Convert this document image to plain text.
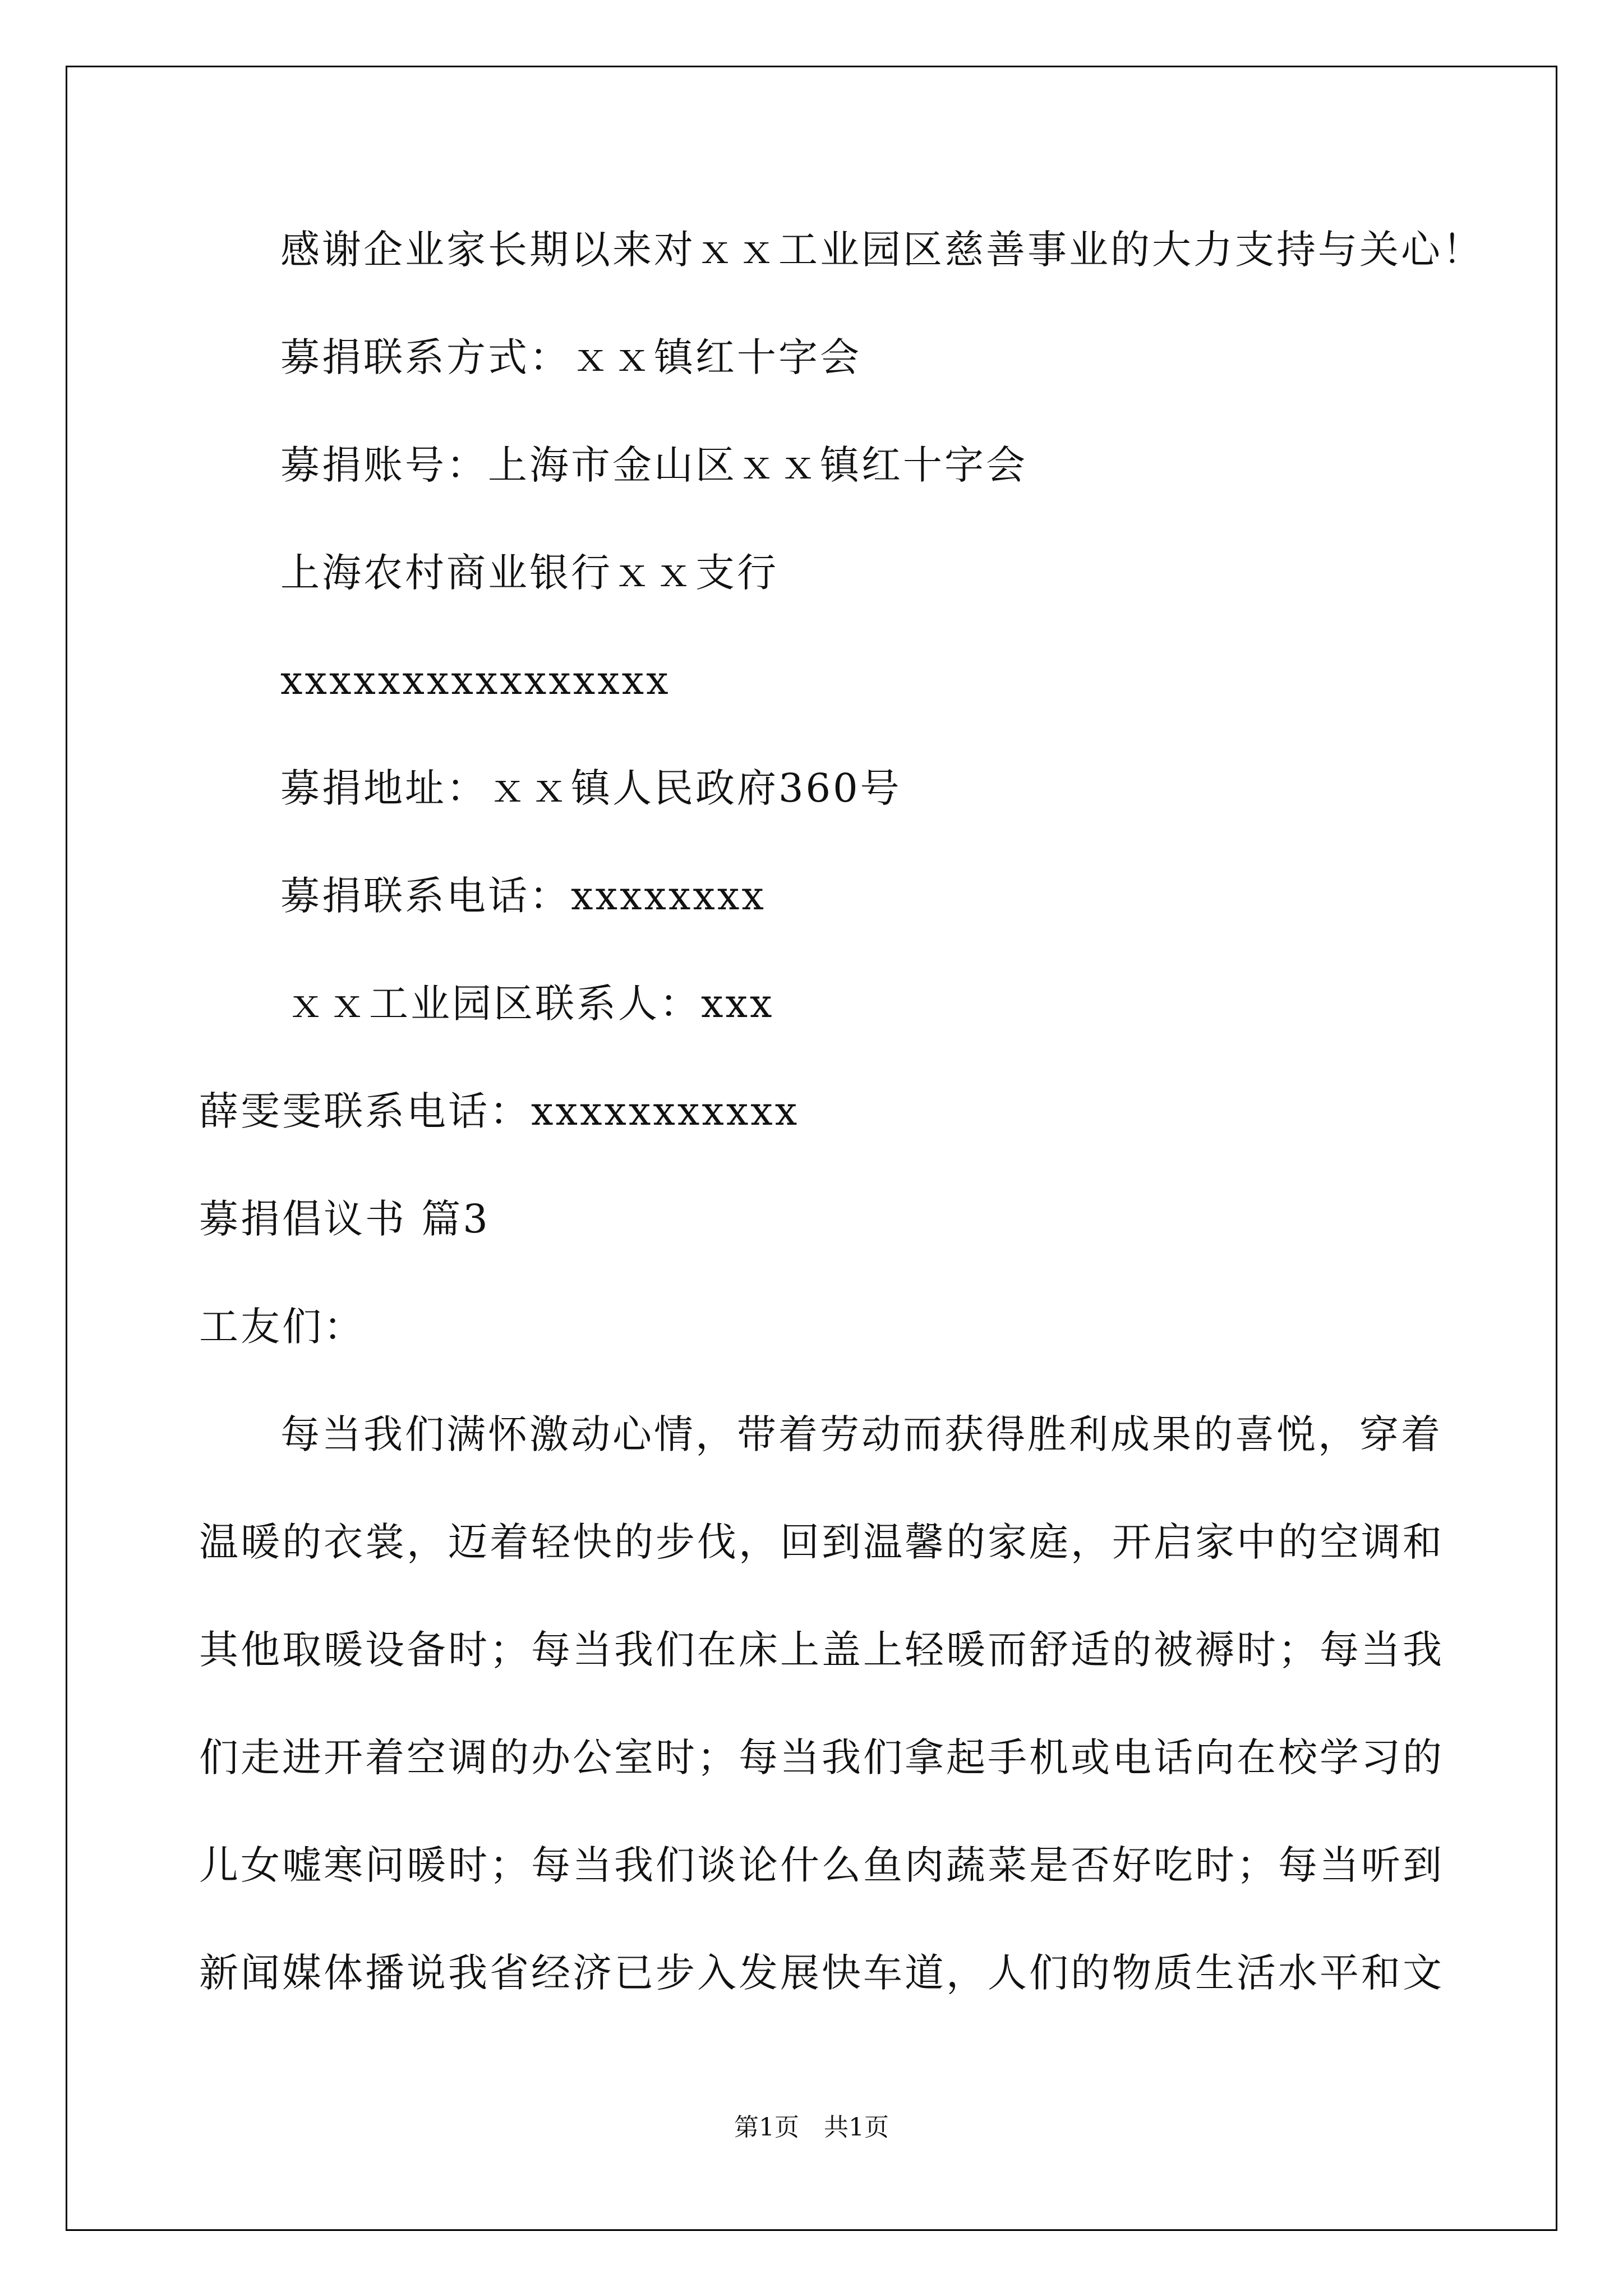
感谢企业家长期以来对ｘｘ工业园区慈善事业的大力支持与关心！
募捐联系方式：ｘｘ镇红十字会
募捐账号：上海市金山区ｘｘ镇红十字会
上海农村商业银行ｘｘ支行
xxxxxxxxxxxxxxxx
募捐地址：ｘｘ镇人民政府360号
募捐联系电话：xxxxxxxx
ｘｘ工业园区联系人：xxx
薛雯雯联系电话：xxxxxxxxxxx
募捐倡议书 篇3
工友们：
每当我们满怀激动心情，带着劳动而获得胜利成果的喜悦，穿着
温暖的衣裳，迈着轻快的步伐，回到温馨的家庭，开启家中的空调和
其他取暖设备时；每当我们在床上盖上轻暖而舒适的被褥时；每当我
们走进开着空调的办公室时；每当我们拿起手机或电话向在校学习的
儿女嘘寒问暖时；每当我们谈论什么鱼肉蔬菜是否好吃时；每当听到
新闻媒体播说我省经济已步入发展快车道，人们的物质生活水平和文
第1页　共1页
